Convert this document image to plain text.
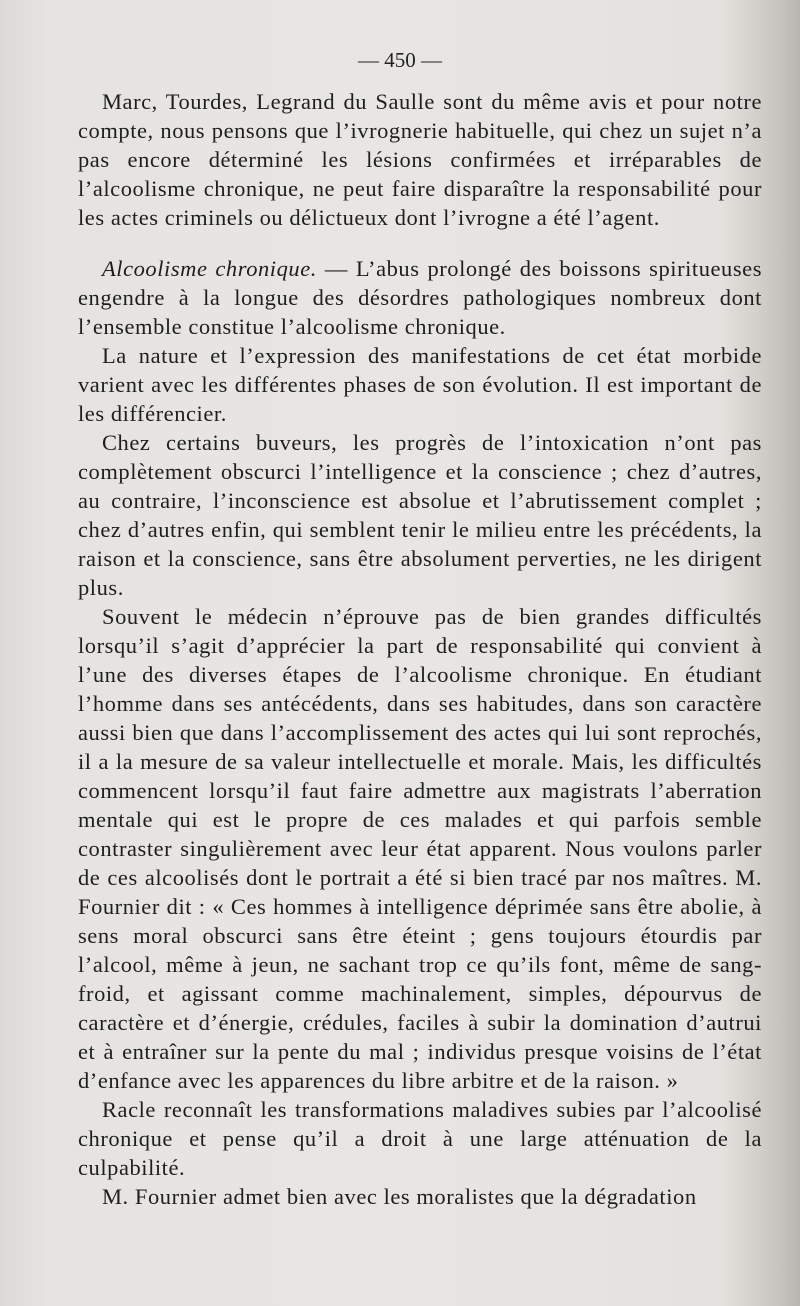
— 450 —

Marc, Tourdes, Legrand du Saulle sont du même avis et pour notre compte, nous pensons que l’ivrognerie habituelle, qui chez un sujet n’a pas encore déterminé les lésions confirmées et irréparables de l’alcoolisme chronique, ne peut faire disparaître la responsabilité pour les actes criminels ou délictueux dont l’ivrogne a été l’agent.

Alcoolisme chronique. — L’abus prolongé des boissons spiritueuses engendre à la longue des désordres pathologiques nombreux dont l’ensemble constitue l’alcoolisme chronique.

La nature et l’expression des manifestations de cet état morbide varient avec les différentes phases de son évolution. Il est important de les différencier.

Chez certains buveurs, les progrès de l’intoxication n’ont pas complètement obscurci l’intelligence et la conscience ; chez d’autres, au contraire, l’inconscience est absolue et l’abrutissement complet ; chez d’autres enfin, qui semblent tenir le milieu entre les précédents, la raison et la conscience, sans être absolument perverties, ne les dirigent plus.

Souvent le médecin n’éprouve pas de bien grandes difficultés lorsqu’il s’agit d’apprécier la part de responsabilité qui convient à l’une des diverses étapes de l’alcoolisme chronique. En étudiant l’homme dans ses antécédents, dans ses habitudes, dans son caractère aussi bien que dans l’accomplissement des actes qui lui sont reprochés, il a la mesure de sa valeur intellectuelle et morale. Mais, les difficultés commencent lorsqu’il faut faire admettre aux magistrats l’aberration mentale qui est le propre de ces malades et qui parfois semble contraster singulièrement avec leur état apparent. Nous voulons parler de ces alcoolisés dont le portrait a été si bien tracé par nos maîtres. M. Fournier dit : « Ces hommes à intelligence déprimée sans être abolie, à sens moral obscurci sans être éteint ; gens toujours étourdis par l’alcool, même à jeun, ne sachant trop ce qu’ils font, même de sang-froid, et agissant comme machinalement, simples, dépourvus de caractère et d’énergie, crédules, faciles à subir la domination d’autrui et à entraîner sur la pente du mal ; individus presque voisins de l’état d’enfance avec les apparences du libre arbitre et de la raison. »

Racle reconnaît les transformations maladives subies par l’alcoolisé chronique et pense qu’il a droit à une large atténuation de la culpabilité.

M. Fournier admet bien avec les moralistes que la dégradation
